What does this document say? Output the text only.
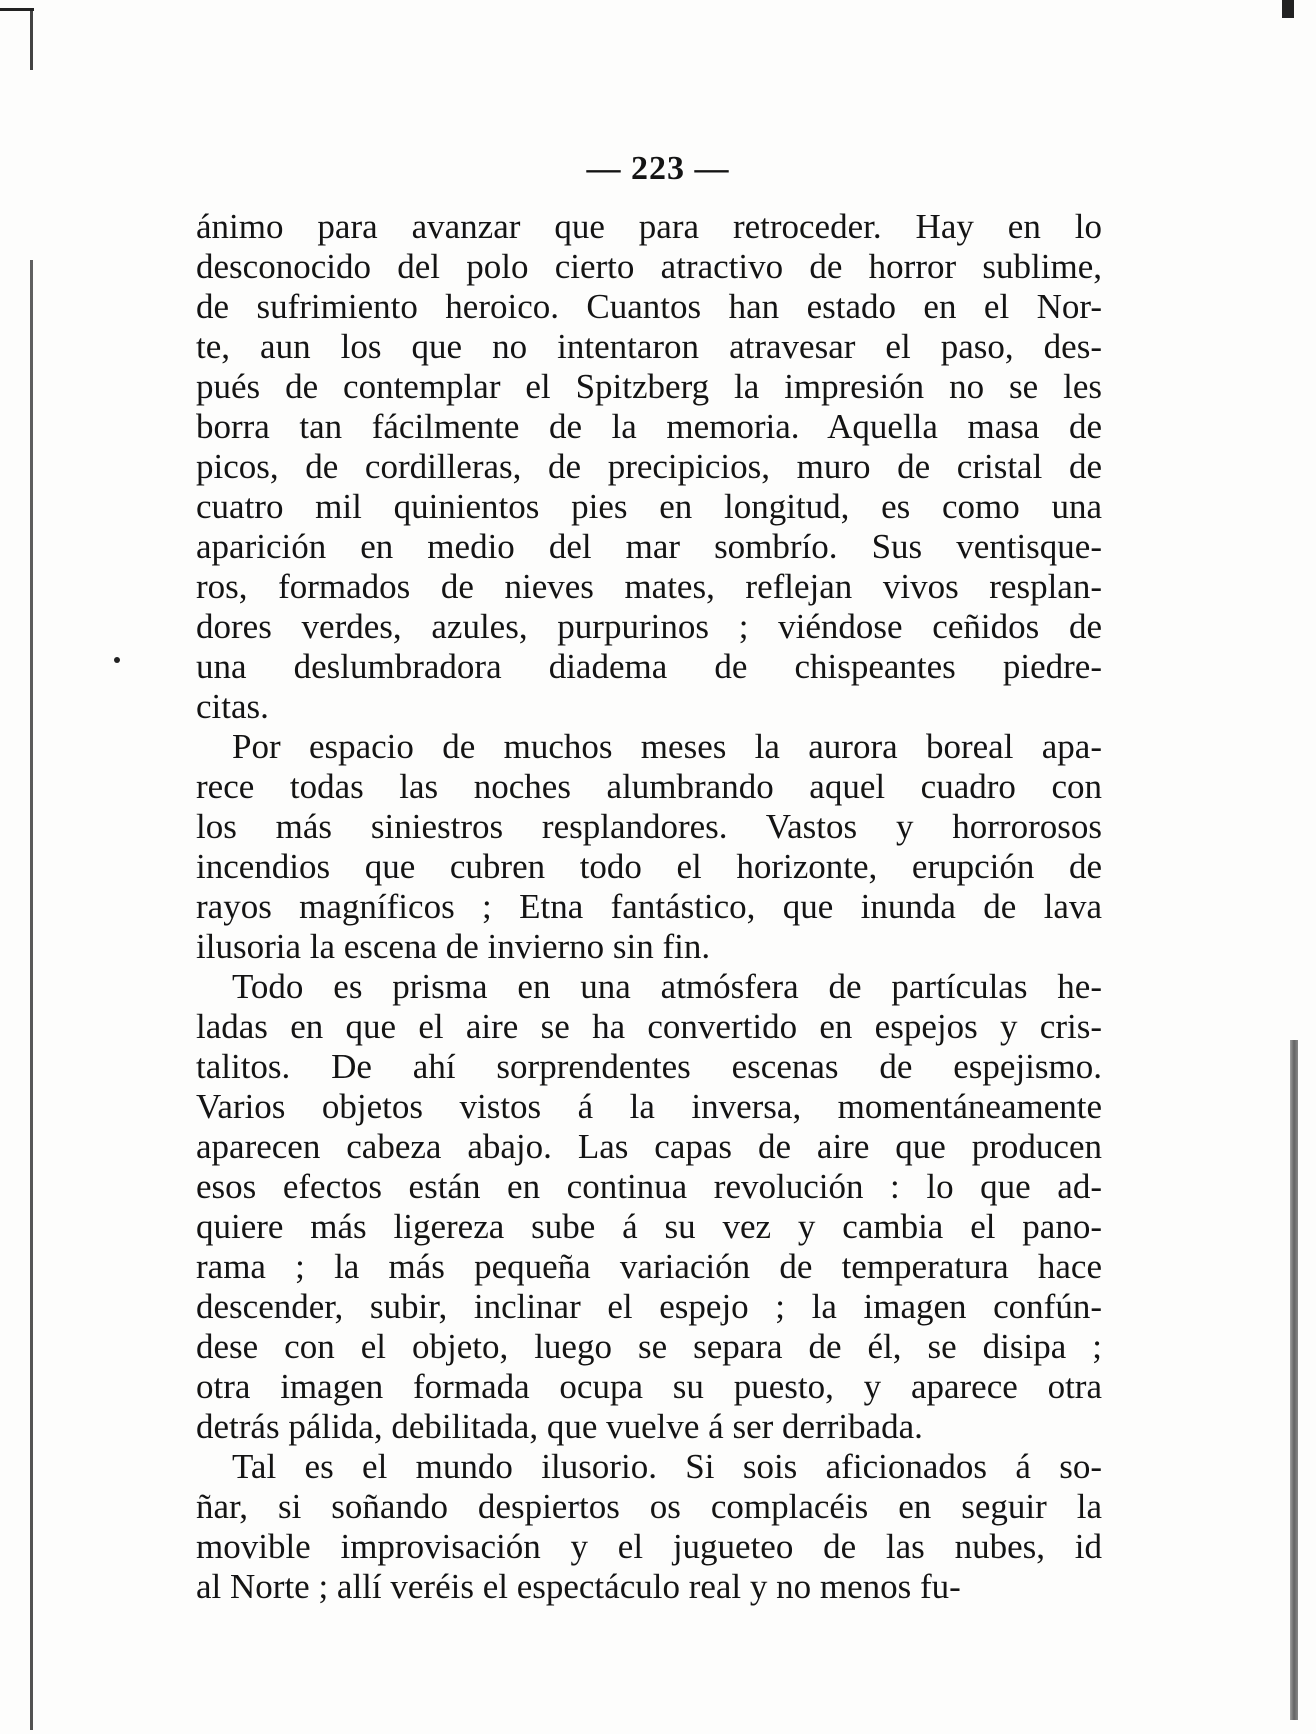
— 223 —
ánimo para avanzar que para retroceder. Hay en lo
desconocido del polo cierto atractivo de horror sublime,
de sufrimiento heroico. Cuantos han estado en el Nor-
te, aun los que no intentaron atravesar el paso, des-
pués de contemplar el Spitzberg la impresión no se les
borra tan fácilmente de la memoria. Aquella masa de
picos, de cordilleras, de precipicios, muro de cristal de
cuatro mil quinientos pies en longitud, es como una
aparición en medio del mar sombrío. Sus ventisque-
ros, formados de nieves mates, reflejan vivos resplan-
dores verdes, azules, purpurinos ; viéndose ceñidos de
una deslumbradora diadema de chispeantes piedre-
citas.
Por espacio de muchos meses la aurora boreal apa-
rece todas las noches alumbrando aquel cuadro con
los más siniestros resplandores. Vastos y horrorosos
incendios que cubren todo el horizonte, erupción de
rayos magníficos ; Etna fantástico, que inunda de lava
ilusoria la escena de invierno sin fin.
Todo es prisma en una atmósfera de partículas he-
ladas en que el aire se ha convertido en espejos y cris-
talitos. De ahí sorprendentes escenas de espejismo.
Varios objetos vistos á la inversa, momentáneamente
aparecen cabeza abajo. Las capas de aire que producen
esos efectos están en continua revolución : lo que ad-
quiere más ligereza sube á su vez y cambia el pano-
rama ; la más pequeña variación de temperatura hace
descender, subir, inclinar el espejo ; la imagen confún-
dese con el objeto, luego se separa de él, se disipa ;
otra imagen formada ocupa su puesto, y aparece otra
detrás pálida, debilitada, que vuelve á ser derribada.
Tal es el mundo ilusorio. Si sois aficionados á so-
ñar, si soñando despiertos os complacéis en seguir la
movible improvisación y el jugueteo de las nubes, id
al Norte ; allí veréis el espectáculo real y no menos fu-
